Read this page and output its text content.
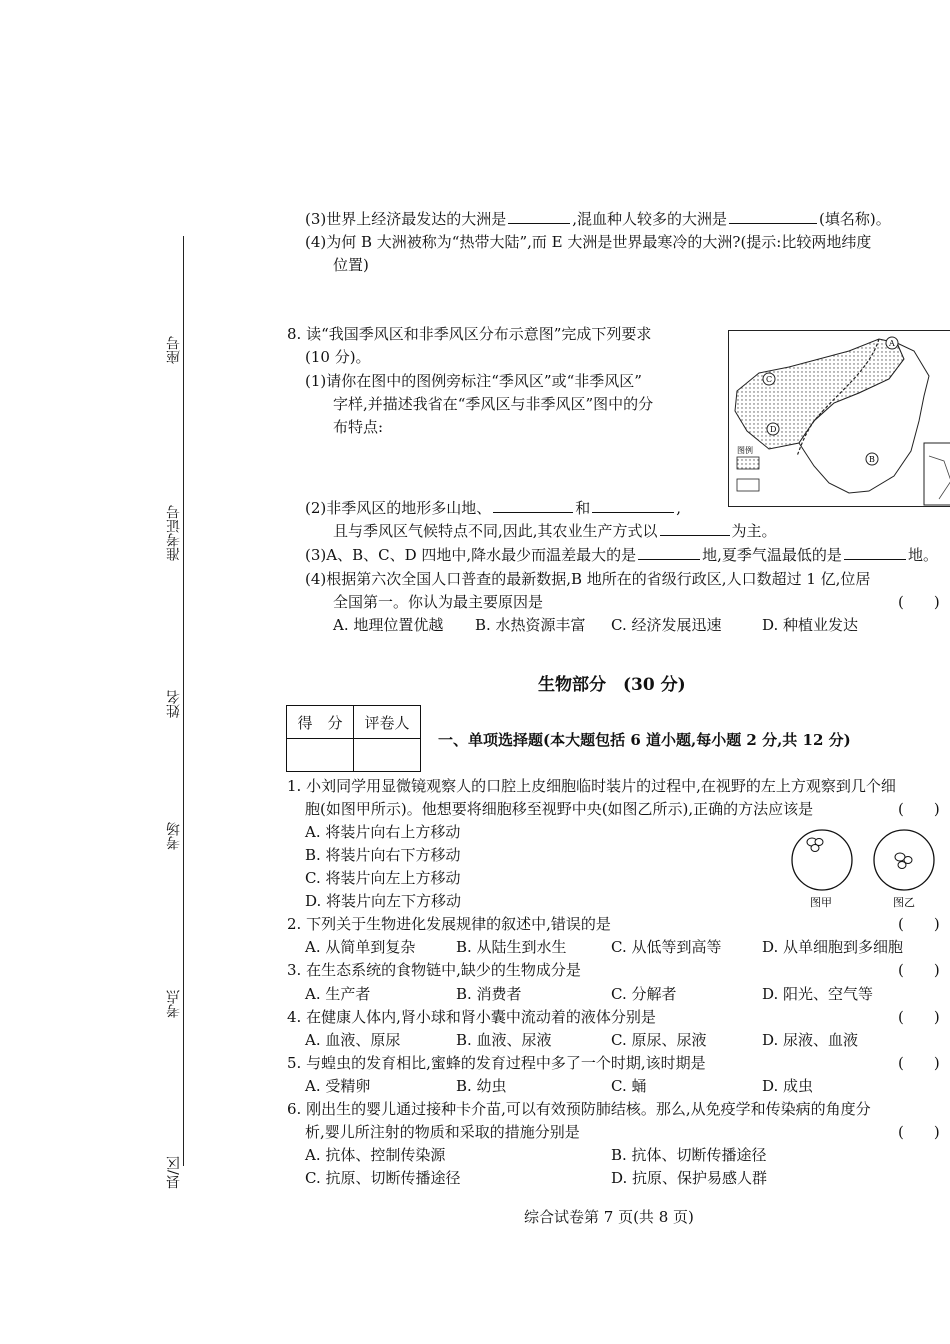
座号
准考证号
姓名
考场
考点
县/区
(3)世界上经济最发达的大洲是	,混血种人较多的大洲是	(填名称)。
(4)为何 B 大洲被称为“热带大陆”,而 E 大洲是世界最寒冷的大洲?(提示:比较两地纬度
位置)
8. 读“我国季风区和非季风区分布示意图”完成下列要求
(10 分)。
(1)请你在图中的图例旁标注“季风区”或“非季风区”
字样,并描述我省在“季风区与非季风区”图中的分
布特点:
图例
C
A
D
B
(2)非季风区的地形多山地、	和	,
且与季风区气候特点不同,因此,其农业生产方式以	为主。
(3)A、B、C、D 四地中,降水最少而温差最大的是	地,夏季气温最低的是	地。
(4)根据第六次全国人口普查的最新数据,B 地所在的省级行政区,人口数超过 1 亿,位居
全国第一。你认为最主要原因是	(　　)
A. 地理位置优越 B. 水热资源丰富 C. 经济发展迅速	D. 种植业发达
生物部分　(30 分)
得　分	评卷人

一、单项选择题(本大题包括 6 道小题,每小题 2 分,共 12 分)
1. 小刘同学用显微镜观察人的口腔上皮细胞临时装片的过程中,在视野的左上方观察到几个细
胞(如图甲所示)。他想要将细胞移至视野中央(如图乙所示),正确的方法应该是	(　　)
A. 将装片向右上方移动
B. 将装片向右下方移动
C. 将装片向左上方移动
D. 将装片向左下方移动	图甲	图乙
2. 下列关于生物进化发展规律的叙述中,错误的是	(　　)
A. 从简单到复杂	B. 从陆生到水生	C. 从低等到高等	D. 从单细胞到多细胞
3. 在生态系统的食物链中,缺少的生物成分是	(　　)
A. 生产者	B. 消费者	C. 分解者	D. 阳光、空气等
4. 在健康人体内,肾小球和肾小囊中流动着的液体分别是	(　　)
A. 血液、原尿	B. 血液、尿液	C. 原尿、尿液	D. 尿液、血液
5. 与蝗虫的发育相比,蜜蜂的发育过程中多了一个时期,该时期是	(　　)
A. 受精卵	B. 幼虫	C. 蛹	D. 成虫
6. 刚出生的婴儿通过接种卡介苗,可以有效预防肺结核。那么,从免疫学和传染病的角度分
析,婴儿所注射的物质和采取的措施分别是	(　　)
A. 抗体、控制传染源	B. 抗体、切断传播途径
C. 抗原、切断传播途径	D. 抗原、保护易感人群
综合试卷第 7 页(共 8 页)
